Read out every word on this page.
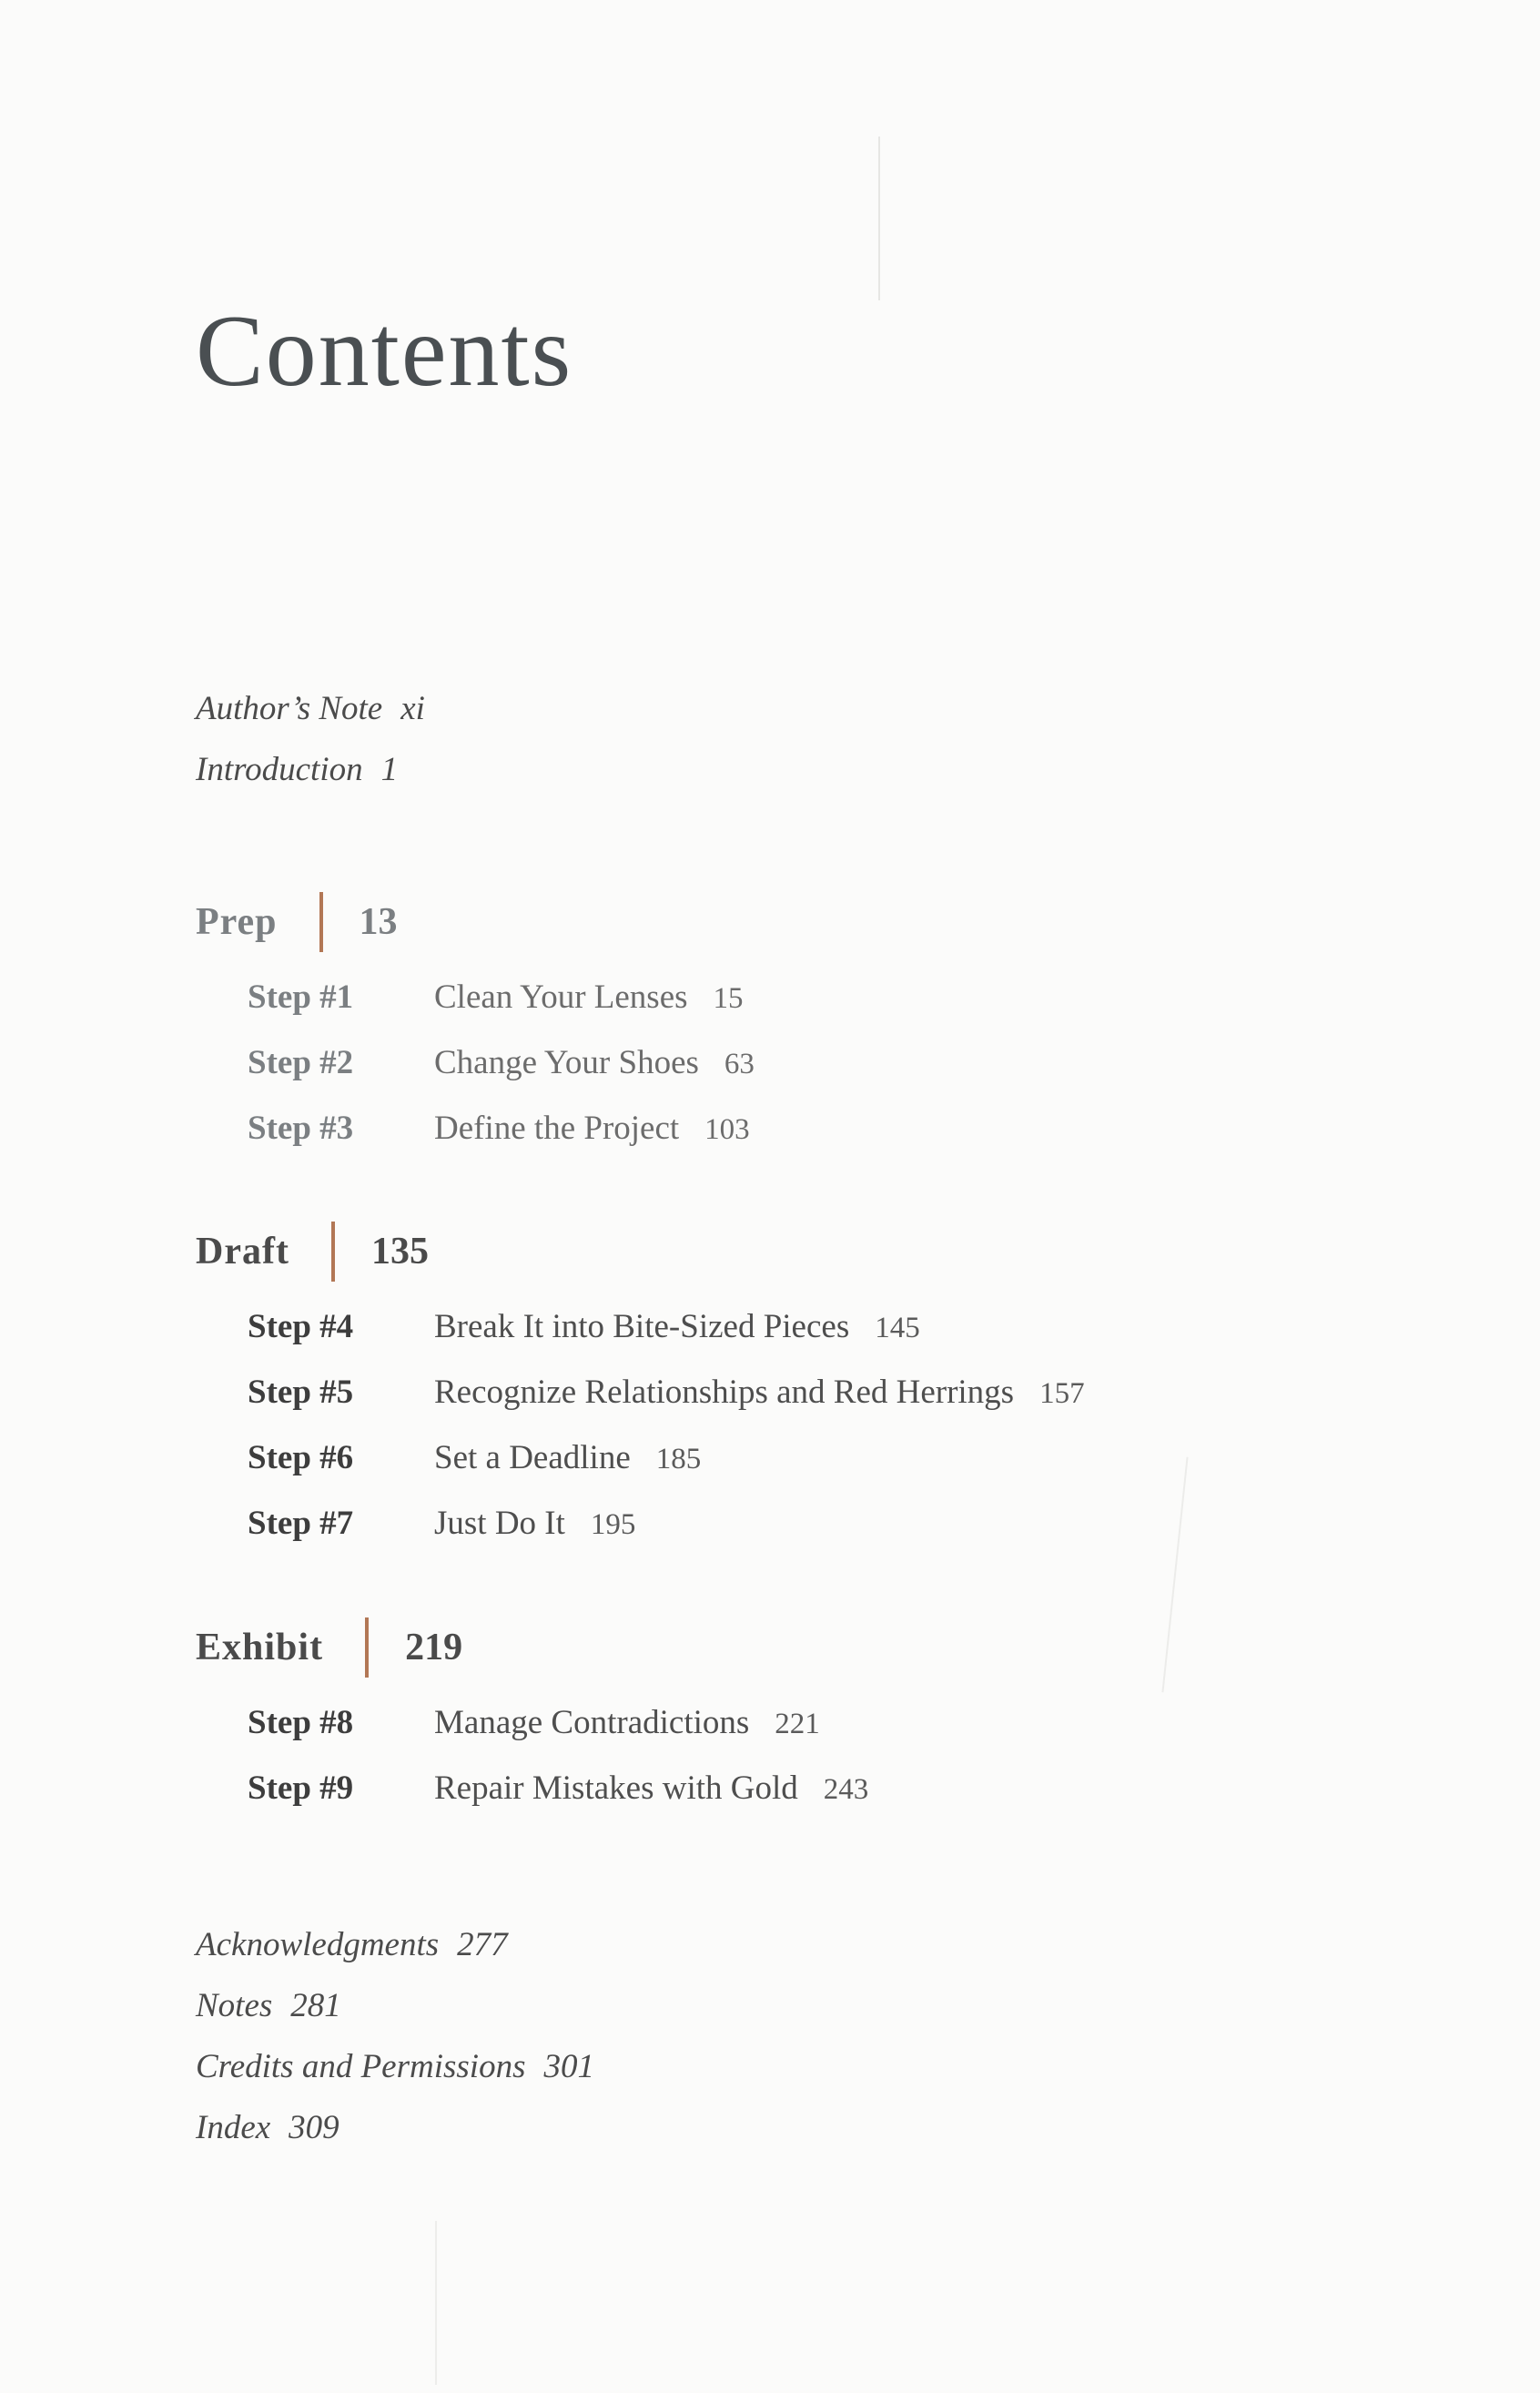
Contents
Author’s Note xi
Introduction 1
Prep 13
Step #1	Clean Your Lenses 15
Step #2	Change Your Shoes 63
Step #3	Define the Project 103
Draft 135
Step #4	Break It into Bite-Sized Pieces 145
Step #5	Recognize Relationships and Red Herrings 157
Step #6	Set a Deadline 185
Step #7	Just Do It 195
Exhibit 219
Step #8	Manage Contradictions 221
Step #9	Repair Mistakes with Gold 243
Acknowledgments 277
Notes 281
Credits and Permissions 301
Index 309
